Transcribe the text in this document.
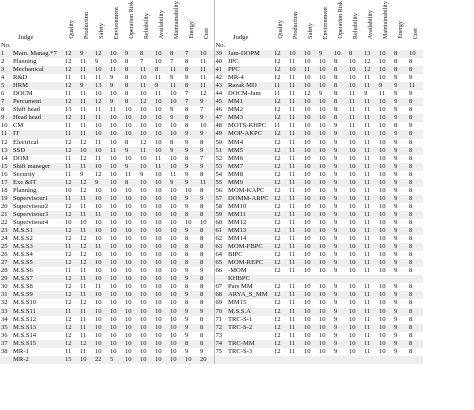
	Judge	Quality	Production	Safety	Environment	Operation Risk	Reliability	Availability	Maintainability	Energy	Cost		Judge	Quality	Production	Safety	Environment	Operation Risk	Reliability	Availability	Maintainability	Energy	Cost
No.												No.											
1	Main. Manag.*7	12	9	12	10	9	8	10	8	7	10	39	Jam-DOPM	12	10	10	9	10	8	13	10	8	10
2	Planning	12	11	9	10	8	7	10	7	8	11	40	JPC	12	11	10	10	8	10	12	10	8	8
3	Mechanical	12	11	10	11	8	11	8	11	8	11	41	PPC	12	10	11	10	8	10	12	10	8	8
4	R&D	11	11	11	9	8	10	11	9	9	11	42	MR-4	12	11	10	10	8	10	11	10	9	9
5	HRM	12	9	13	9	8	11	9	11	8	11	43	Razak MD	11	11	10	10	8	10	11	9	9	11
6	DOCM	11	11	10	10	8	10	11	10	7	12	44	DOCM-Jam	11	11	12	9	8	11	9	11	9	9
7	Percument	12	11	12	9	8	12	10	10	7	9	45	MM1	12	11	10	10	8	11	11	10	9	8
8	Shift head	13	11	11	11	10	10	10	9	8	7	46	MM2	12	11	10	10	8	11	11	10	9	8
9	Head head	12	11	11	10	10	10	10	9	8	9	47	MM3	12	11	10	10	8	11	11	10	9	8
10	CM	11	11	10	10	10	10	10	10	8	10	48	MOTS-KHPC	11	11	10	10	9	11	11	10	8	9
11	IT	11	11	10	10	10	10	10	10	9	9	49	MOP-AKPC	12	11	10	10	9	10	11	10	9	8
12	Electrical	12	12	11	10	8	12	10	8	9	8	50	MM4	12	11	10	10	9	10	11	10	9	8
13	SSD	12	10	10	11	9	11	10	9	9	9	51	MM5	12	11	10	10	9	10	11	10	9	8
14	DOM	11	12	11	10	10	10	11	10	8	7	52	MM6	12	11	10	10	9	10	11	10	9	8
15	Shift maneger	11	11	10	10	9	10	11	10	9	9	53	MM7	12	11	10	10	9	10	11	10	9	8
16	Security	11	9	12	10	11	9	10	11	9	8	54	MM8	12	11	10	10	9	10	11	10	9	8
17	Exc &IT	12	12	9	10	8	10	10	9	9	11	55	MM9	12	11	10	10	9	10	11	10	9	8
18	Planning	10	12	10	10	10	10	10	10	10	8	56	MOM-KAPC	12	11	10	10	9	10	11	10	9	8
19	Supervisour1	11	11	10	10	10	10	10	10	9	9	57	DOMM-ARPC	12	11	10	10	9	10	11	10	9	8
20	Supervisour2	12	11	10	10	10	10	10	10	9	8	58	MM10	12	11	10	10	9	10	11	10	9	8
21	Supervisour3	12	11	11	10	10	10	10	10	8	8	59	MM11	12	11	10	10	9	10	11	10	9	8
22	Supervisour4	10	10	10	10	10	10	10	10	10	10	60	MM12	12	11	10	10	9	10	11	10	9	8
23	M.S.S1	12	11	10	10	10	10	10	10	9	8	61	MM13	12	11	10	10	9	10	11	10	9	8
24	M.S.S2	12	12	10	10	10	10	10	10	8	8	62	MM14	12	11	10	10	9	10	11	10	9	8
25	M.S.S3	11	12	11	10	10	10	10	10	8	8	63	MOM-FBPC	12	11	10	10	9	10	11	10	9	8
26	M.S.S4	12	12	10	10	10	10	10	10	8	8	64	BIPC	12	11	10	10	9	10	11	10	9	8
27	M.S.S5	12	12	10	10	10	10	10	10	8	8	65	MOM-REPC	12	11	10	10	9	10	11	10	9	8
28	M.S.S6	11	11	10	10	10	10	10	10	9	9	66	-MOM	12	11	10	10	9	10	11	10	9	8
29	M.S.S7	12	11	10	10	10	10	10	10	9	8		KHBPC										
30	M.S.S8	12	11	11	10	10	10	10	10	8	8	67	Pars MM	12	11	10	10	9	10	11	10	9	8
31	M.S.S9	12	11	10	10	10	10	10	10	9	8	68	ARYA_S_MM	12	11	10	10	9	10	11	10	9	8
32	M.S.S10	12	12	10	10	10	10	10	10	8	8	69	MM15	12	11	10	10	9	10	11	10	9	8
33	M.S.S11	11	11	10	10	10	10	10	10	9	9	70	M.S.S.A	12	11	10	10	9	10	11	10	9	8
34	M.S.S12	12	11	10	10	10	10	10	10	9	8	71	TRC-S-1	12	11	10	10	9	10	11	10	9	8
35	M.S.S13	12	11	10	10	10	10	10	10	9	8	72	TRC-S-2	12	11	10	10	9	10	11	10	9	8
36	M.S.S14	12	11	10	10	10	10	10	10	9	8	73		12	11	10	10	9	10	11	10	9	8
37	M.S.S15	12	12	10	10	10	10	10	10	8	8	74	TRC-MM	12	11	10	10	9	10	11	10	9	8
38	MR-1	11	11	10	10	10	10	10	10	9	9	75	TRC-S-3	12	11	10	10	9	10	11	10	9	8
	MR-2	15	10	22	5	10	10	10	10	10	20												
